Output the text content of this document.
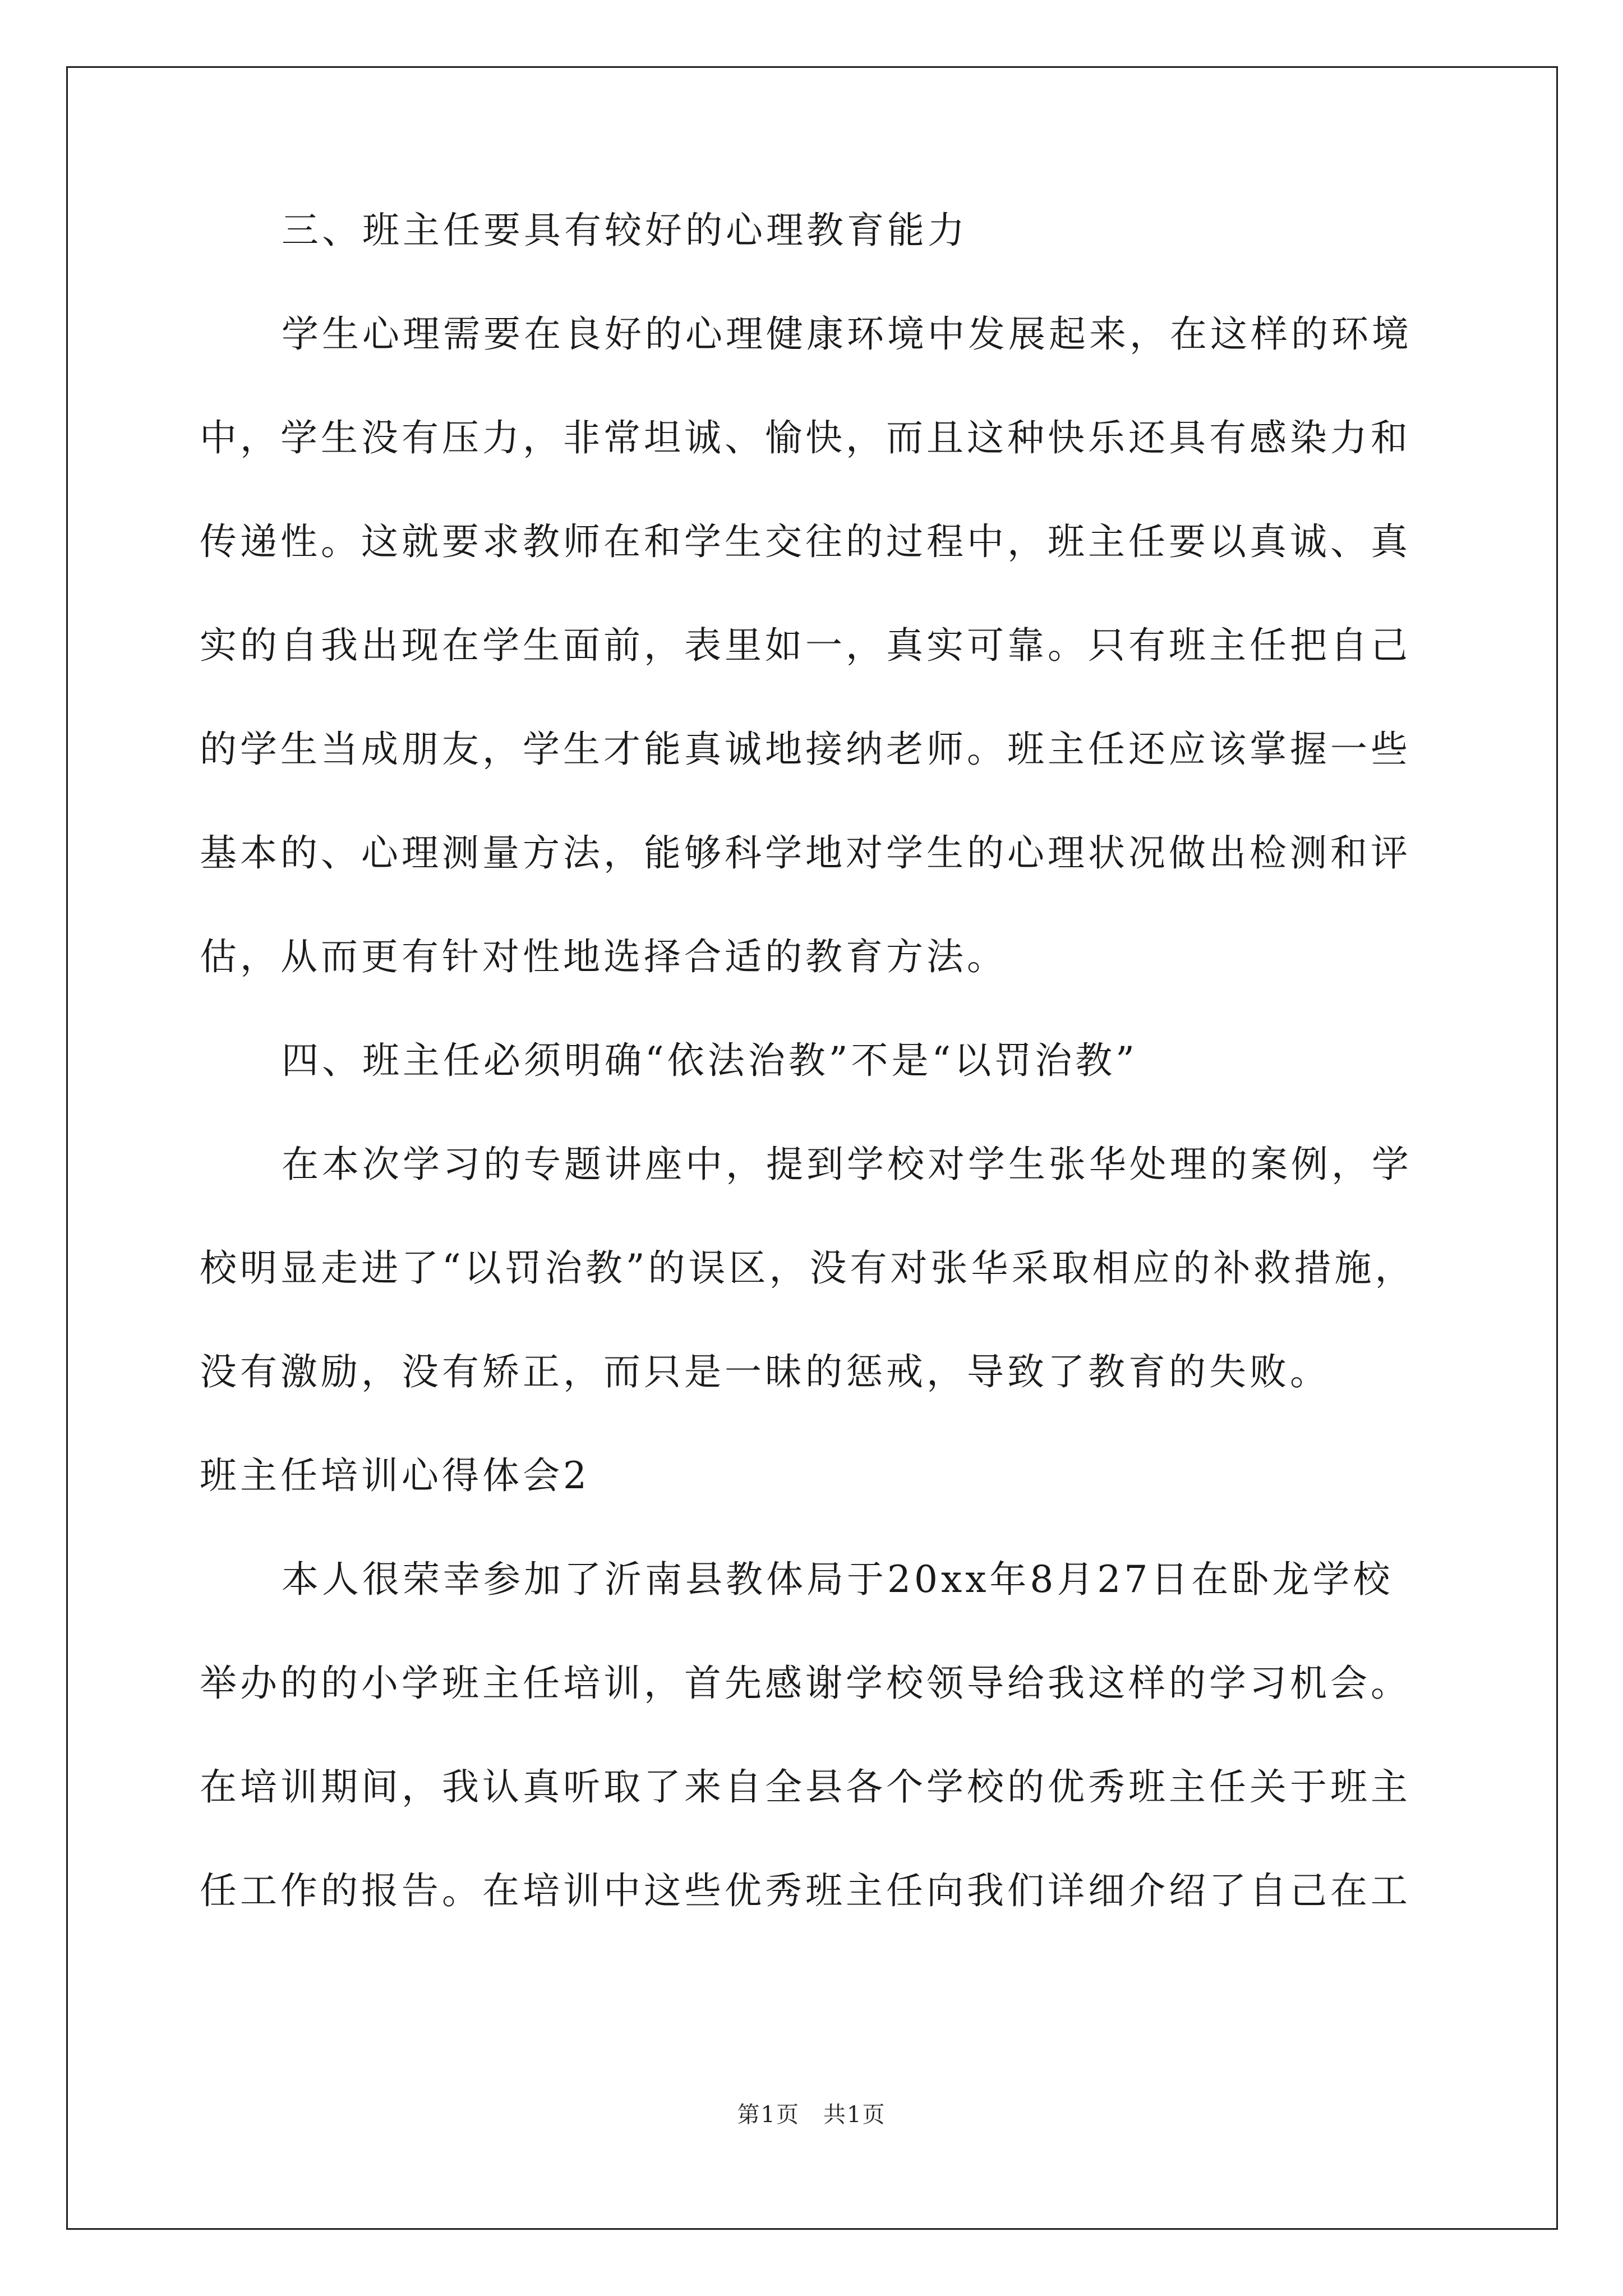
三、班主任要具有较好的心理教育能力
学生心理需要在良好的心理健康环境中发展起来，在这样的环境
中，学生没有压力，非常坦诚、愉快，而且这种快乐还具有感染力和
传递性。这就要求教师在和学生交往的过程中，班主任要以真诚、真
实的自我出现在学生面前，表里如一，真实可靠。只有班主任把自己
的学生当成朋友，学生才能真诚地接纳老师。班主任还应该掌握一些
基本的、心理测量方法，能够科学地对学生的心理状况做出检测和评
估，从而更有针对性地选择合适的教育方法。
四、班主任必须明确“依法治教”不是“以罚治教”
在本次学习的专题讲座中，提到学校对学生张华处理的案例，学
校明显走进了“以罚治教”的误区，没有对张华采取相应的补救措施，
没有激励，没有矫正，而只是一昧的惩戒，导致了教育的失败。
班主任培训心得体会2
本人很荣幸参加了沂南县教体局于20xx年8月27日在卧龙学校
举办的的小学班主任培训，首先感谢学校领导给我这样的学习机会。
在培训期间，我认真听取了来自全县各个学校的优秀班主任关于班主
任工作的报告。在培训中这些优秀班主任向我们详细介绍了自己在工
第1页　共1页
